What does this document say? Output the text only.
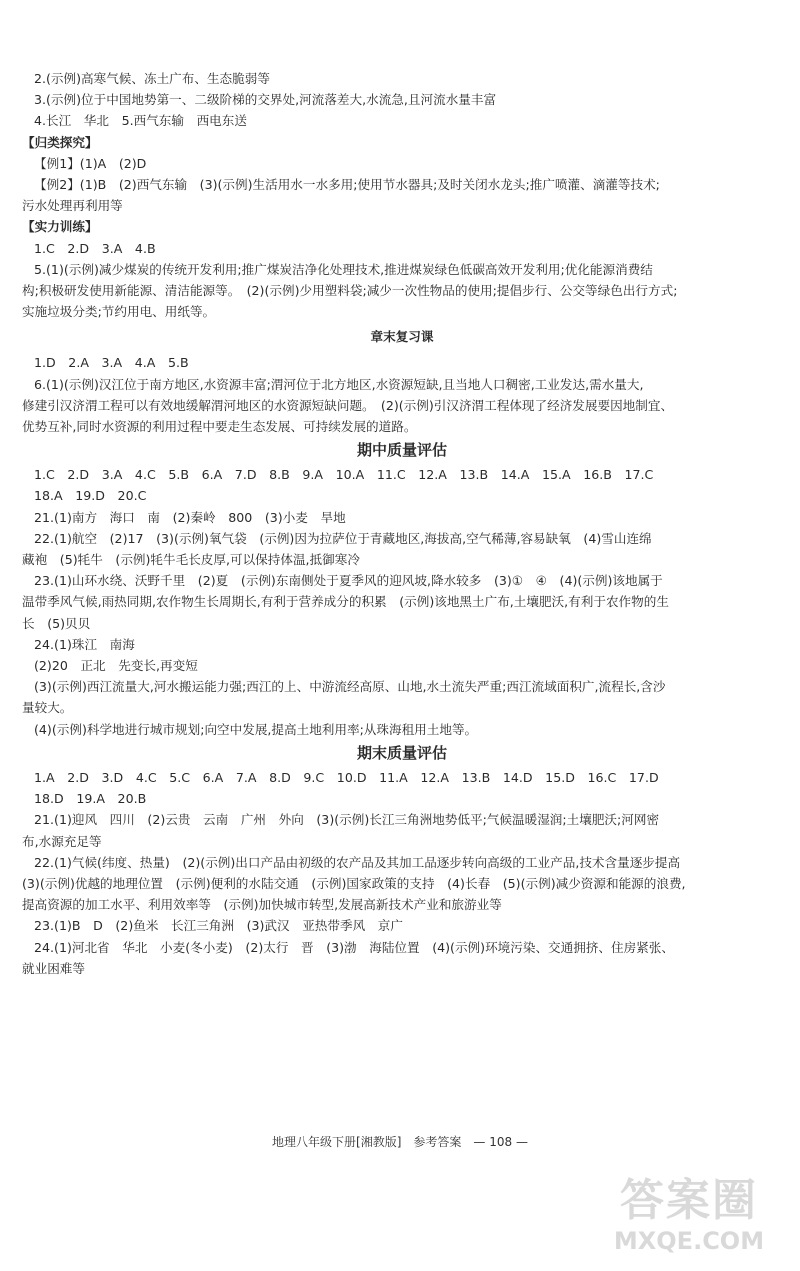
2.(示例)高寒气候、冻土广布、生态脆弱等
3.(示例)位于中国地势第一、二级阶梯的交界处,河流落差大,水流急,且河流水量丰富
4.长江　华北　5.西气东输　西电东送
【归类探究】
【例1】(1)A　(2)D
【例2】(1)B　(2)西气东输　(3)(示例)生活用水一水多用;使用节水器具;及时关闭水龙头;推广喷灌、滴灌等技术;
污水处理再利用等
【实力训练】
1.C　2.D　3.A　4.B
5.(1)(示例)减少煤炭的传统开发利用;推广煤炭洁净化处理技术,推进煤炭绿色低碳高效开发利用;优化能源消费结
构;积极研发使用新能源、清洁能源等。　(2)(示例)少用塑料袋;减少一次性物品的使用;提倡步行、公交等绿色出行方式;
实施垃圾分类;节约用电、用纸等。
章末复习课
1.D　2.A　3.A　4.A　5.B
6.(1)(示例)汉江位于南方地区,水资源丰富;渭河位于北方地区,水资源短缺,且当地人口稠密,工业发达,需水量大,
修建引汉济渭工程可以有效地缓解渭河地区的水资源短缺问题。　(2)(示例)引汉济渭工程体现了经济发展要因地制宜、
优势互补,同时水资源的利用过程中要走生态发展、可持续发展的道路。
期中质量评估
1.C　2.D　3.A　4.C　5.B　6.A　7.D　8.B　9.A　10.A　11.C　12.A　13.B　14.A　15.A　16.B　17.C
18.A　19.D　20.C
21.(1)南方　海口　南　(2)秦岭　800　(3)小麦　旱地
22.(1)航空　(2)17　(3)(示例)氧气袋　(示例)因为拉萨位于青藏地区,海拔高,空气稀薄,容易缺氧　(4)雪山连绵
藏袍　(5)牦牛　(示例)牦牛毛长皮厚,可以保持体温,抵御寒冷
23.(1)山环水绕、沃野千里　(2)夏　(示例)东南侧处于夏季风的迎风坡,降水较多　(3)①　④　(4)(示例)该地属于
温带季风气候,雨热同期,农作物生长周期长,有利于营养成分的积累　(示例)该地黑土广布,土壤肥沃,有利于农作物的生
长　(5)贝贝
24.(1)珠江　南海
(2)20　正北　先变长,再变短
(3)(示例)西江流量大,河水搬运能力强;西江的上、中游流经高原、山地,水土流失严重;西江流域面积广,流程长,含沙
量较大。
(4)(示例)科学地进行城市规划;向空中发展,提高土地利用率;从珠海租用土地等。
期末质量评估
1.A　2.D　3.D　4.C　5.C　6.A　7.A　8.D　9.C　10.D　11.A　12.A　13.B　14.D　15.D　16.C　17.D
18.D　19.A　20.B
21.(1)迎风　四川　(2)云贵　云南　广州　外向　(3)(示例)长江三角洲地势低平;气候温暖湿润;土壤肥沃;河网密
布,水源充足等
22.(1)气候(纬度、热量)　(2)(示例)出口产品由初级的农产品及其加工品逐步转向高级的工业产品,技术含量逐步提高
(3)(示例)优越的地理位置　(示例)便利的水陆交通　(示例)国家政策的支持　(4)长春　(5)(示例)减少资源和能源的浪费,
提高资源的加工水平、利用效率等　(示例)加快城市转型,发展高新技术产业和旅游业等
23.(1)B　D　(2)鱼米　长江三角洲　(3)武汉　亚热带季风　京广
24.(1)河北省　华北　小麦(冬小麦)　(2)太行　晋　(3)渤　海陆位置　(4)(示例)环境污染、交通拥挤、住房紧张、
就业困难等
地理八年级下册[湘教版]　参考答案　— 108 —
答案圈
MXQE.COM
